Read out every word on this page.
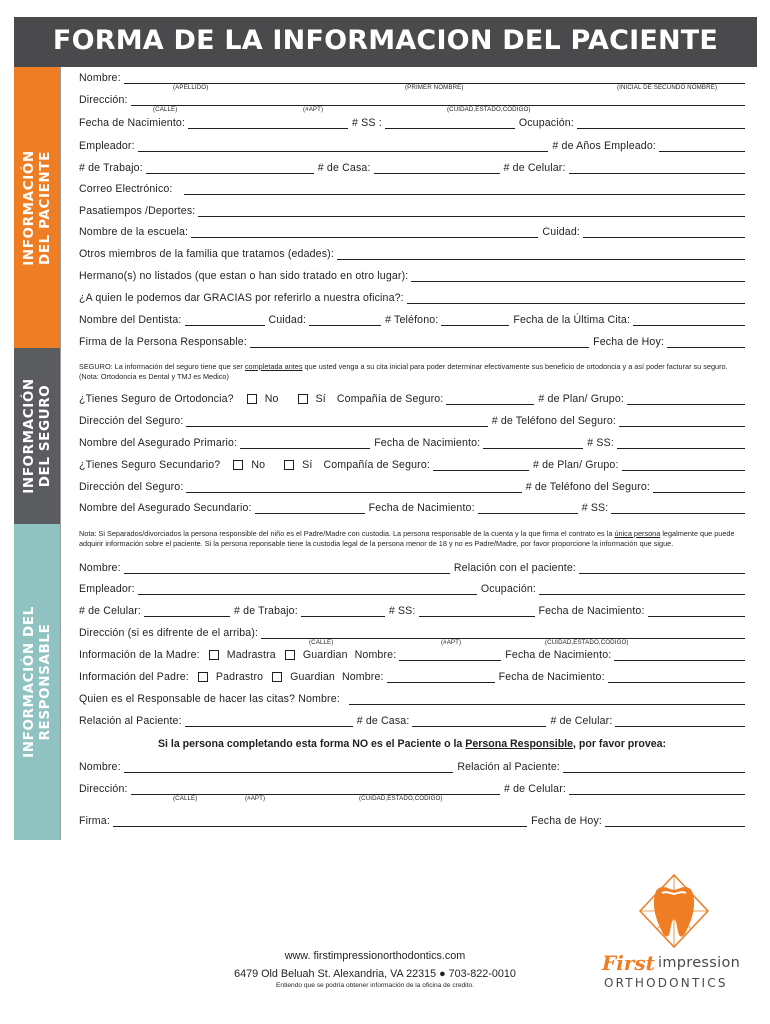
FORMA DE LA INFORMACION DEL PACIENTE
INFORMACIÓN DEL PACIENTE
INFORMACIÓN DEL SEGURO
INFORMACIÓN DEL RESPONSABLE
Nombre:
(APELLIDO)	(PRIMER NOMBRE)	(INICIAL DE SECUNDO NOMBRE)
Dirección:
(CALLE)	(#APT)	(CUIDAD,ESTADO,CODIGO)
Fecha de Nacimiento:	# SS :	Ocupación:
Empleador:	# de Años Empleado:
# de Trabajo:	# de Casa:	# de Celular:
Correo Electrónico:
Pasatiempos /Deportes:
Nombre de la escuela:	Cuidad:
Otros miembros de la familia que tratamos (edades):
Hermano(s) no listados (que estan o han sido tratado en otro lugar):
¿A quien le podemos dar GRACIAS por referirlo a nuestra oficina?:
Nombre del Dentista:	Cuidad:	# Teléfono:	Fecha de la Última Cita:
Firma de la Persona Responsable:	Fecha de Hoy:
SEGURO: La información del seguro tiene que ser completada antes que usted venga a su cita inicial para poder determinar efectivamente sus beneficio de ortodoncia y a así poder facturar su seguro. (Nota: Ortodoncia es Dental y TMJ es Medico)
¿Tienes Seguro de Ortodoncia?	No	Sí	Compañía de Seguro:	# de Plan/ Grupo:
Dirección del Seguro:	# de Teléfono del Seguro:
Nombre del Asegurado Primario:	Fecha de Nacimiento:	# SS:
¿Tienes Seguro Secundario?	No	Sí	Compañía de Seguro:	# de Plan/ Grupo:
Dirección del Seguro:	# de Teléfono del Seguro:
Nombre del Asegurado Secundario:	Fecha de Nacimiento:	# SS:
Nota: Si Separados/divorciados la persona responsible del niño es el Padre/Madre con custodia. La persona responsable de la cuenta y la que firma el contrato es la única persona legalmente que puede adquirir información sobre el paciente. Si la persona reponsable tiene la custodia legal de la persona menor de 18 y no es Padre/Madre, por favor proporcione la información que sigue.
Nombre:	Relación con el paciente:
Empleador:	Ocupación:
# de Celular:	# de Trabajo:	# SS:	Fecha de Nacimiento:
Dirección (si es difrente de el arriba):
(CALLE)	(#APT)	(CUIDAD,ESTADO,CODIGO)
Información de la Madre:	Madrastra	Guardian Nombre:	Fecha de Nacimiento:
Información del Padre:	Padrastro	Guardian Nombre:	Fecha de Nacimiento:
Quien es el Responsable de hacer las citas? Nombre:
Relación al Paciente:	# de Casa:	# de Celular:
Si la persona completando esta forma NO es el Paciente o la Persona Responsible, por favor provea:
Nombre:	Relación al Paciente:
Dirección:	# de Celular:
(CALLE)	(#APT)	(CUIDAD,ESTADO,CODIGO)
Firma:	Fecha de Hoy:
www. firstimpressionorthodontics.com
6479 Old Beluah St. Alexandria, VA 22315 ● 703-822-0010
Entiendo que se podría obtener información de la oficina de credito.
First impression
ORTHODONTICS
